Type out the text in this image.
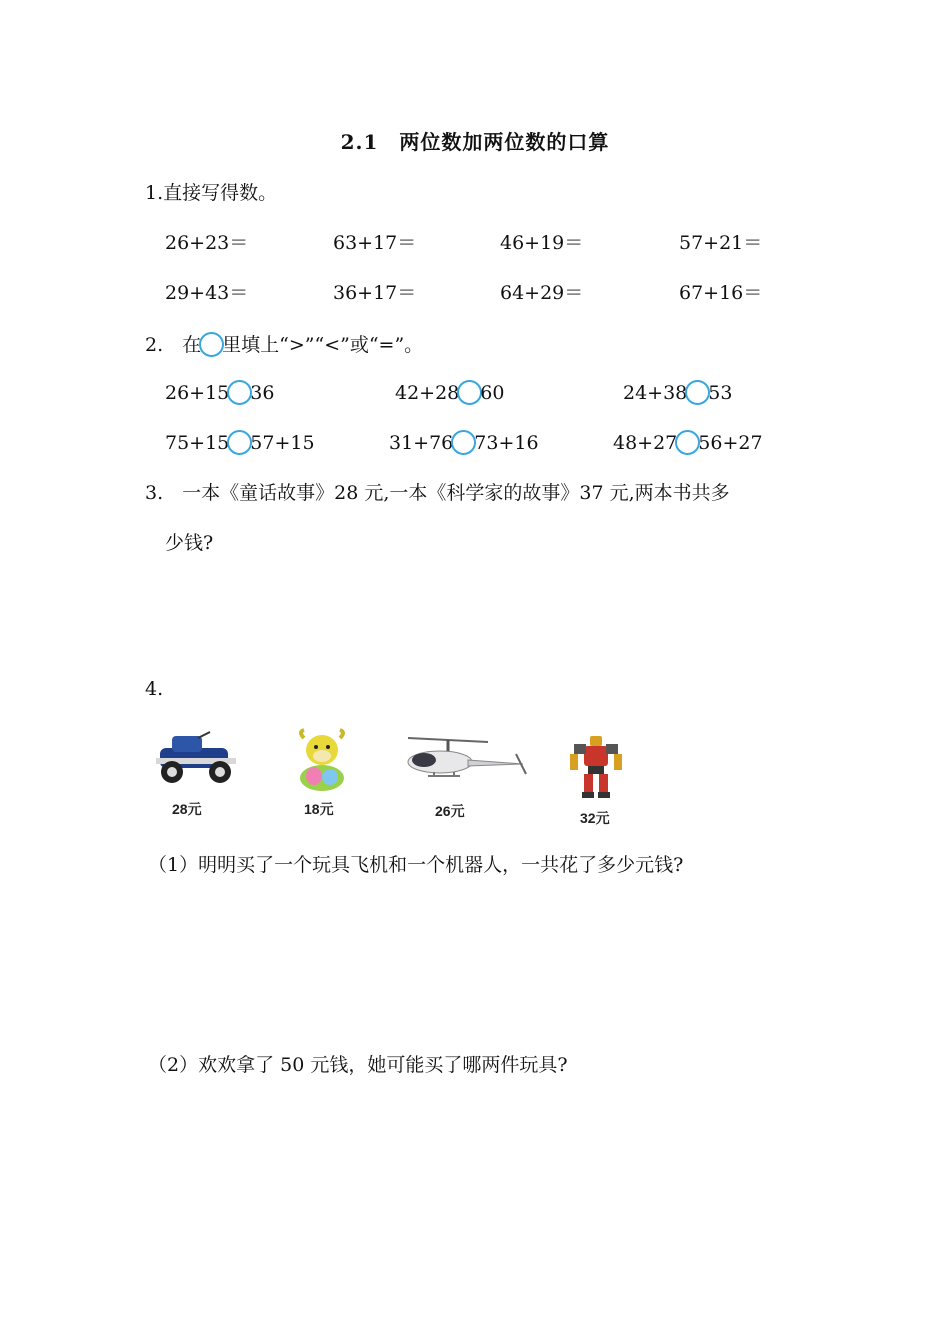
2.1　两位数加两位数的口算
1.直接写得数。
26+23＝	63+17＝	46+19＝	57+21＝
29+43＝	36+17＝	64+29＝	67+16＝
2.　在 里填上“>”“<”或“=”。
26+15 36	42+28 60	24+38 53
75+15 57+15	31+76 73+16	48+27 56+27
3.　一本《童话故事》28 元,一本《科学家的故事》37 元,两本书共多
少钱?
4.
28元	18元	26元	32元
（1）明明买了一个玩具飞机和一个机器人，一共花了多少元钱?
（2）欢欢拿了 50 元钱，她可能买了哪两件玩具?
